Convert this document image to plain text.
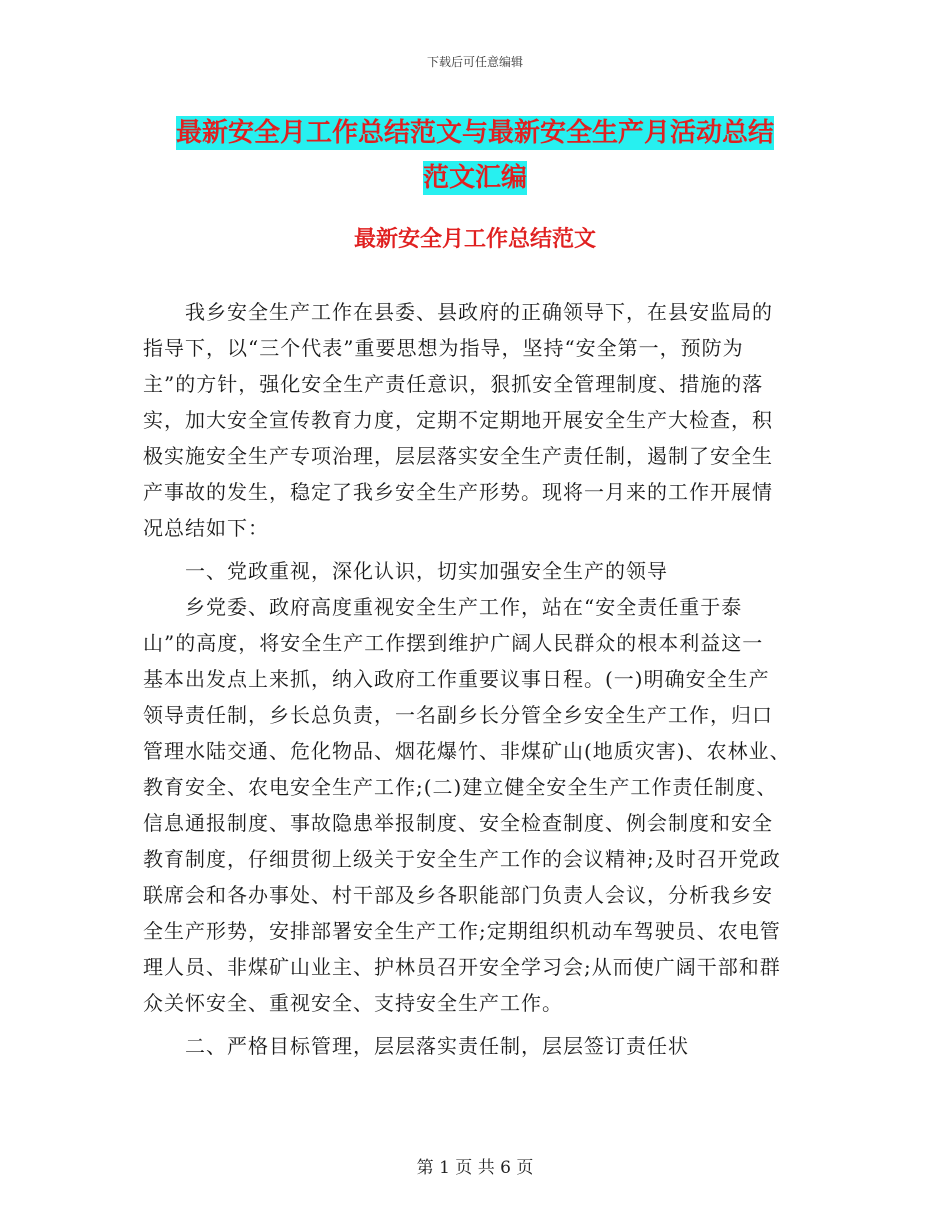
下载后可任意编辑
最新安全月工作总结范文与最新安全生产月活动总结
范文汇编
最新安全月工作总结范文
　　我乡安全生产工作在县委、县政府的正确领导下，在县安监局的
指导下，以“三个代表”重要思想为指导，坚持“安全第一，预防为
主”的方针，强化安全生产责任意识，狠抓安全管理制度、措施的落
实，加大安全宣传教育力度，定期不定期地开展安全生产大检查，积
极实施安全生产专项治理，层层落实安全生产责任制，遏制了安全生
产事故的发生，稳定了我乡安全生产形势。现将一月来的工作开展情
况总结如下：
　　一、党政重视，深化认识，切实加强安全生产的领导
　　乡党委、政府高度重视安全生产工作，站在“安全责任重于泰
山”的高度，将安全生产工作摆到维护广阔人民群众的根本利益这一
基本出发点上来抓，纳入政府工作重要议事日程。(一)明确安全生产
领导责任制，乡长总负责，一名副乡长分管全乡安全生产工作，归口
管理水陆交通、危化物品、烟花爆竹、非煤矿山(地质灾害)、农林业、
教育安全、农电安全生产工作;(二)建立健全安全生产工作责任制度、
信息通报制度、事故隐患举报制度、安全检查制度、例会制度和安全
教育制度，仔细贯彻上级关于安全生产工作的会议精神;及时召开党政
联席会和各办事处、村干部及乡各职能部门负责人会议，分析我乡安
全生产形势，安排部署安全生产工作;定期组织机动车驾驶员、农电管
理人员、非煤矿山业主、护林员召开安全学习会;从而使广阔干部和群
众关怀安全、重视安全、支持安全生产工作。
　　二、严格目标管理，层层落实责任制，层层签订责任状
第 1 页 共 6 页
